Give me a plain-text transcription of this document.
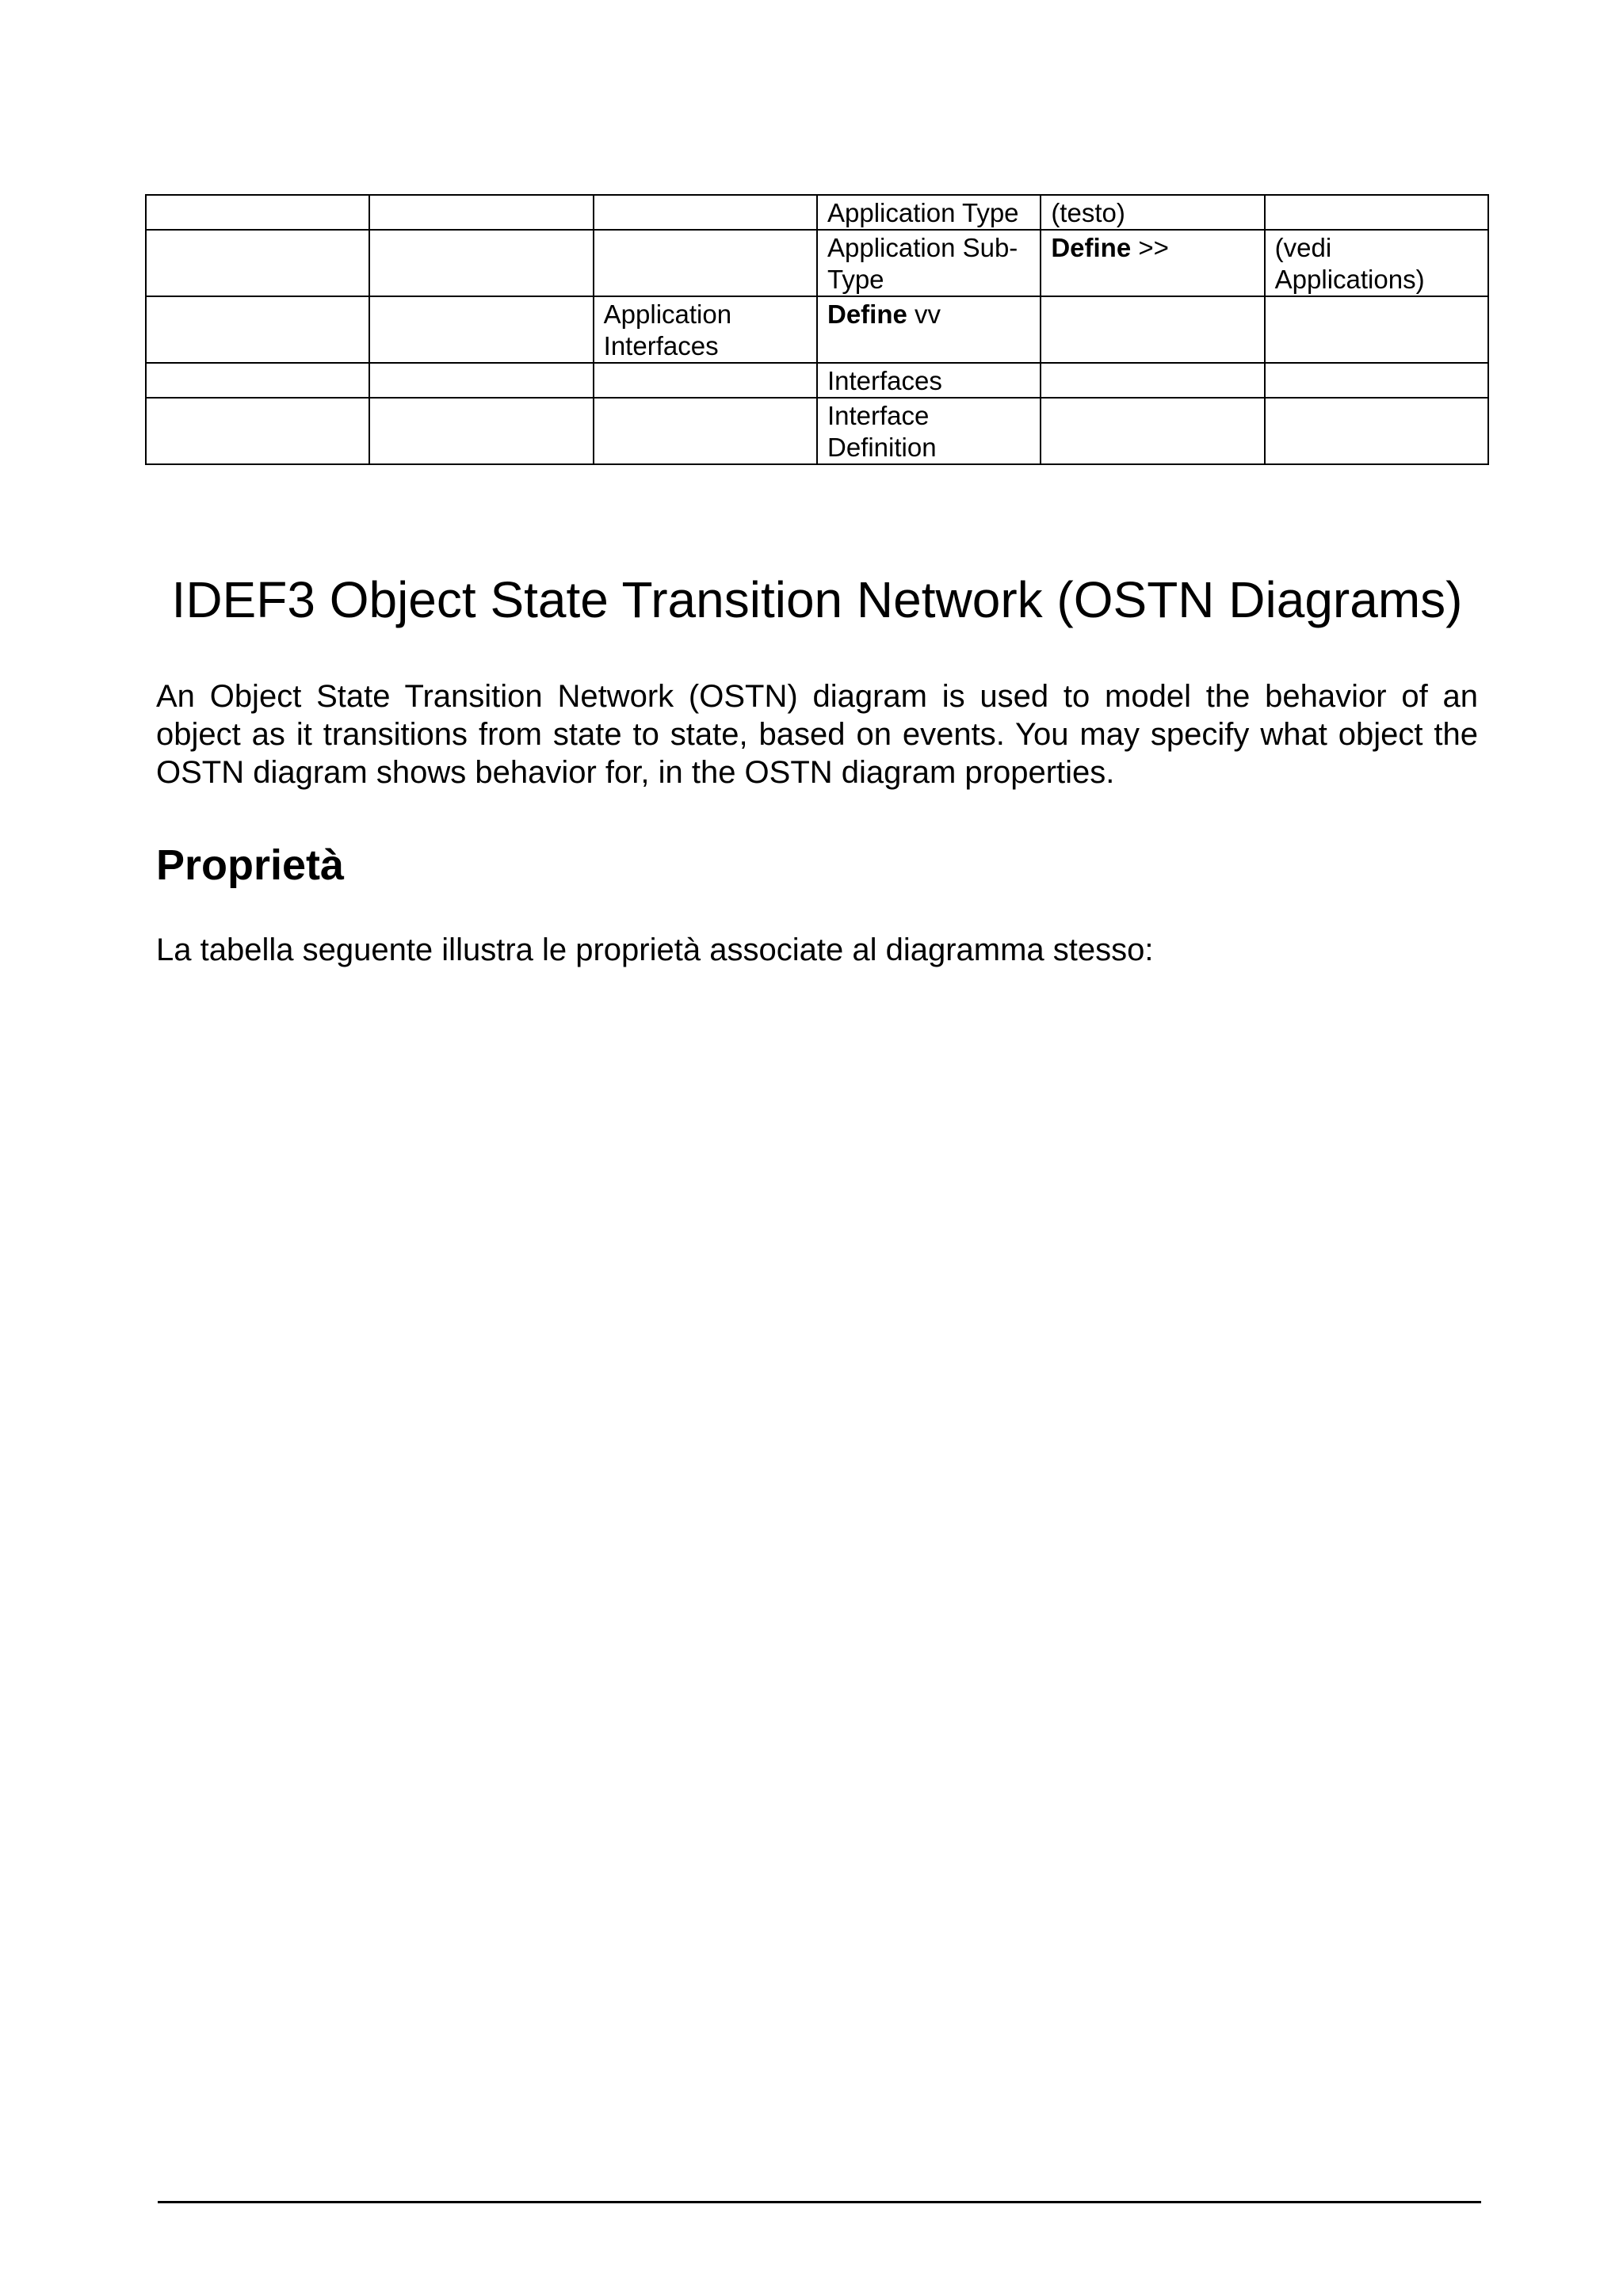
			Application Type	(testo)	
			Application Sub-Type	Define >>	(vedi Applications)
		Application Interfaces	Define vv		
			Interfaces		
			Interface Definition		
IDEF3 Object State Transition Network (OSTN Diagrams)

An Object State Transition Network (OSTN) diagram is used to model the behavior of an object as it transitions from state to state, based on events. You may specify what object the OSTN diagram shows behavior for, in the OSTN diagram properties.

Proprietà

La tabella seguente illustra le proprietà associate al diagramma stesso:
